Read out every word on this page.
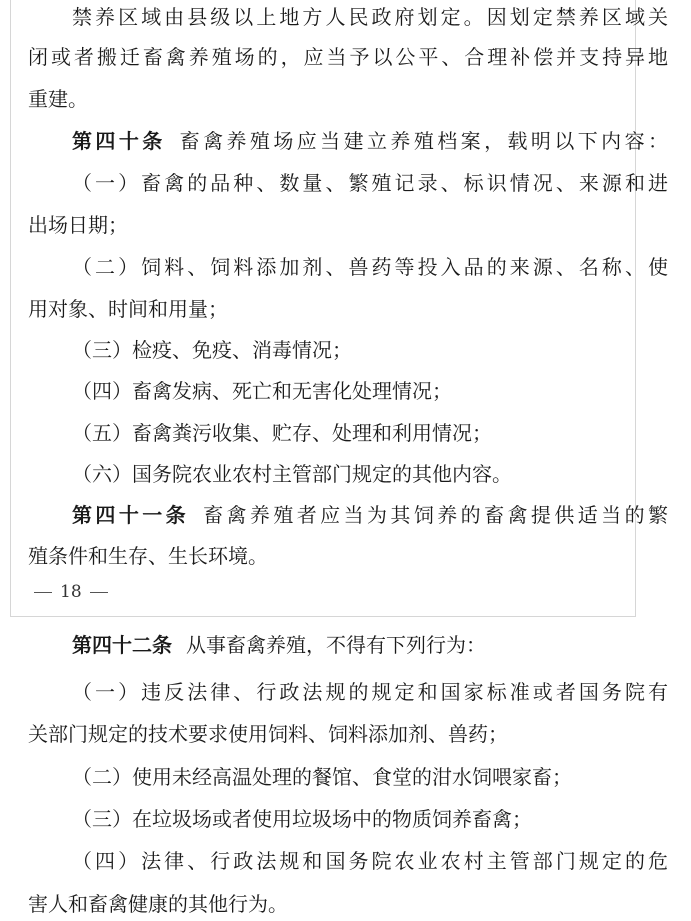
禁养区域由县级以上地方人民政府划定。因划定禁养区域关
闭或者搬迁畜禽养殖场的，应当予以公平、合理补偿并支持异地
重建。
第四十条 畜禽养殖场应当建立养殖档案，载明以下内容：
（一）畜禽的品种、数量、繁殖记录、标识情况、来源和进
出场日期；
（二）饲料、饲料添加剂、兽药等投入品的来源、名称、使
用对象、时间和用量；
（三）检疫、免疫、消毒情况；
（四）畜禽发病、死亡和无害化处理情况；
（五）畜禽粪污收集、贮存、处理和利用情况；
（六）国务院农业农村主管部门规定的其他内容。
第四十一条 畜禽养殖者应当为其饲养的畜禽提供适当的繁
殖条件和生存、生长环境。
18
第四十二条 从事畜禽养殖，不得有下列行为：
（一）违反法律、行政法规的规定和国家标准或者国务院有
关部门规定的技术要求使用饲料、饲料添加剂、兽药；
（二）使用未经高温处理的餐馆、食堂的泔水饲喂家畜；
（三）在垃圾场或者使用垃圾场中的物质饲养畜禽；
（四）法律、行政法规和国务院农业农村主管部门规定的危
害人和畜禽健康的其他行为。
